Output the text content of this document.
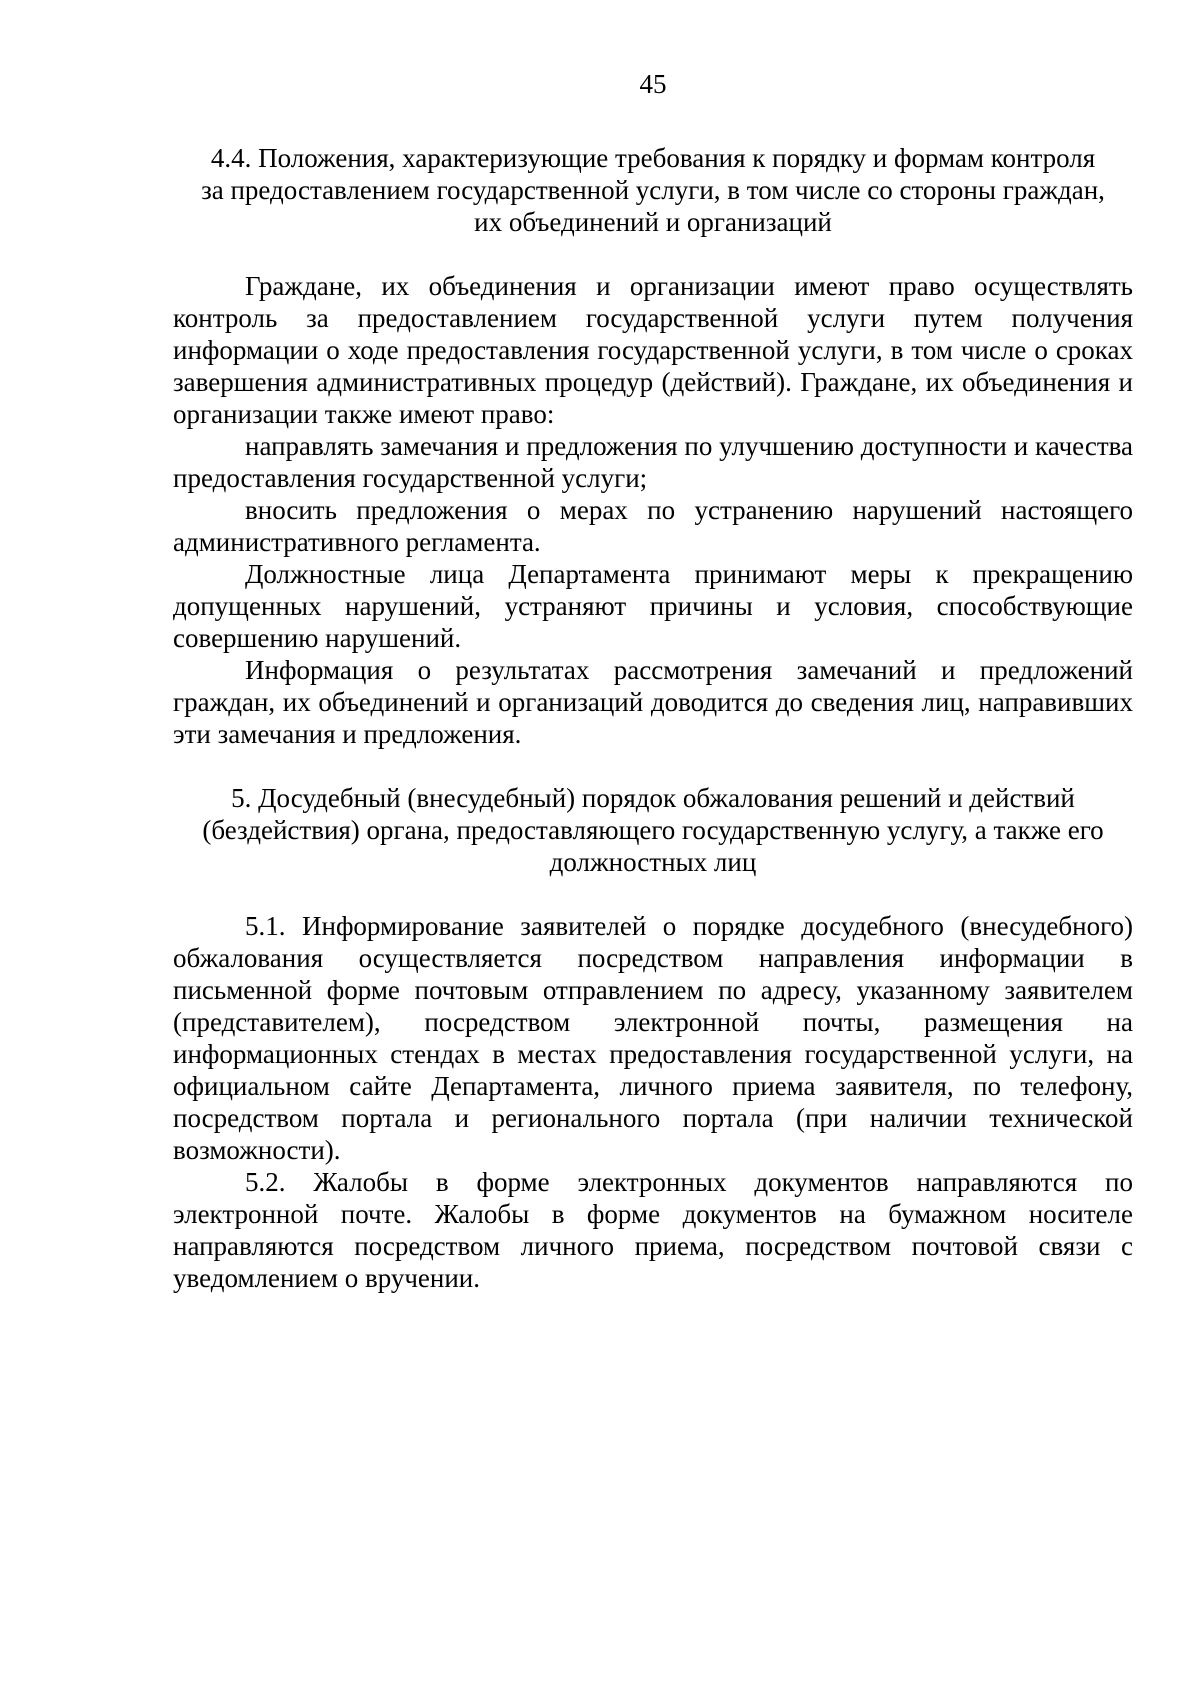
45
4.4. Положения, характеризующие требования к порядку и формам контроля
за предоставлением государственной услуги, в том числе со стороны граждан,
их объединений и организаций

Граждане, их объединения и организации имеют право осуществлять контроль за предоставлением государственной услуги путем получения информации о ходе предоставления государственной услуги, в том числе о сроках завершения административных процедур (действий). Граждане, их объединения и организации также имеют право:

направлять замечания и предложения по улучшению доступности и качества предоставления государственной услуги;

вносить предложения о мерах по устранению нарушений настоящего административного регламента.

Должностные лица Департамента принимают меры к прекращению допущенных нарушений, устраняют причины и условия, способствующие совершению нарушений.

Информация о результатах рассмотрения замечаний и предложений граждан, их объединений и организаций доводится до сведения лиц, направивших эти замечания и предложения.

5. Досудебный (внесудебный) порядок обжалования решений и действий
(бездействия) органа, предоставляющего государственную услугу, а также его
должностных лиц

5.1. Информирование заявителей о порядке досудебного (внесудебного) обжалования осуществляется посредством направления информации в письменной форме почтовым отправлением по адресу, указанному заявителем (представителем), посредством электронной почты, размещения на информационных стендах в местах предоставления государственной услуги, на официальном сайте Департамента, личного приема заявителя, по телефону, посредством портала и регионального портала (при наличии технической возможности).

5.2. Жалобы в форме электронных документов направляются по электронной почте. Жалобы в форме документов на бумажном носителе направляются посредством личного приема, посредством почтовой связи с уведомлением о вручении.
